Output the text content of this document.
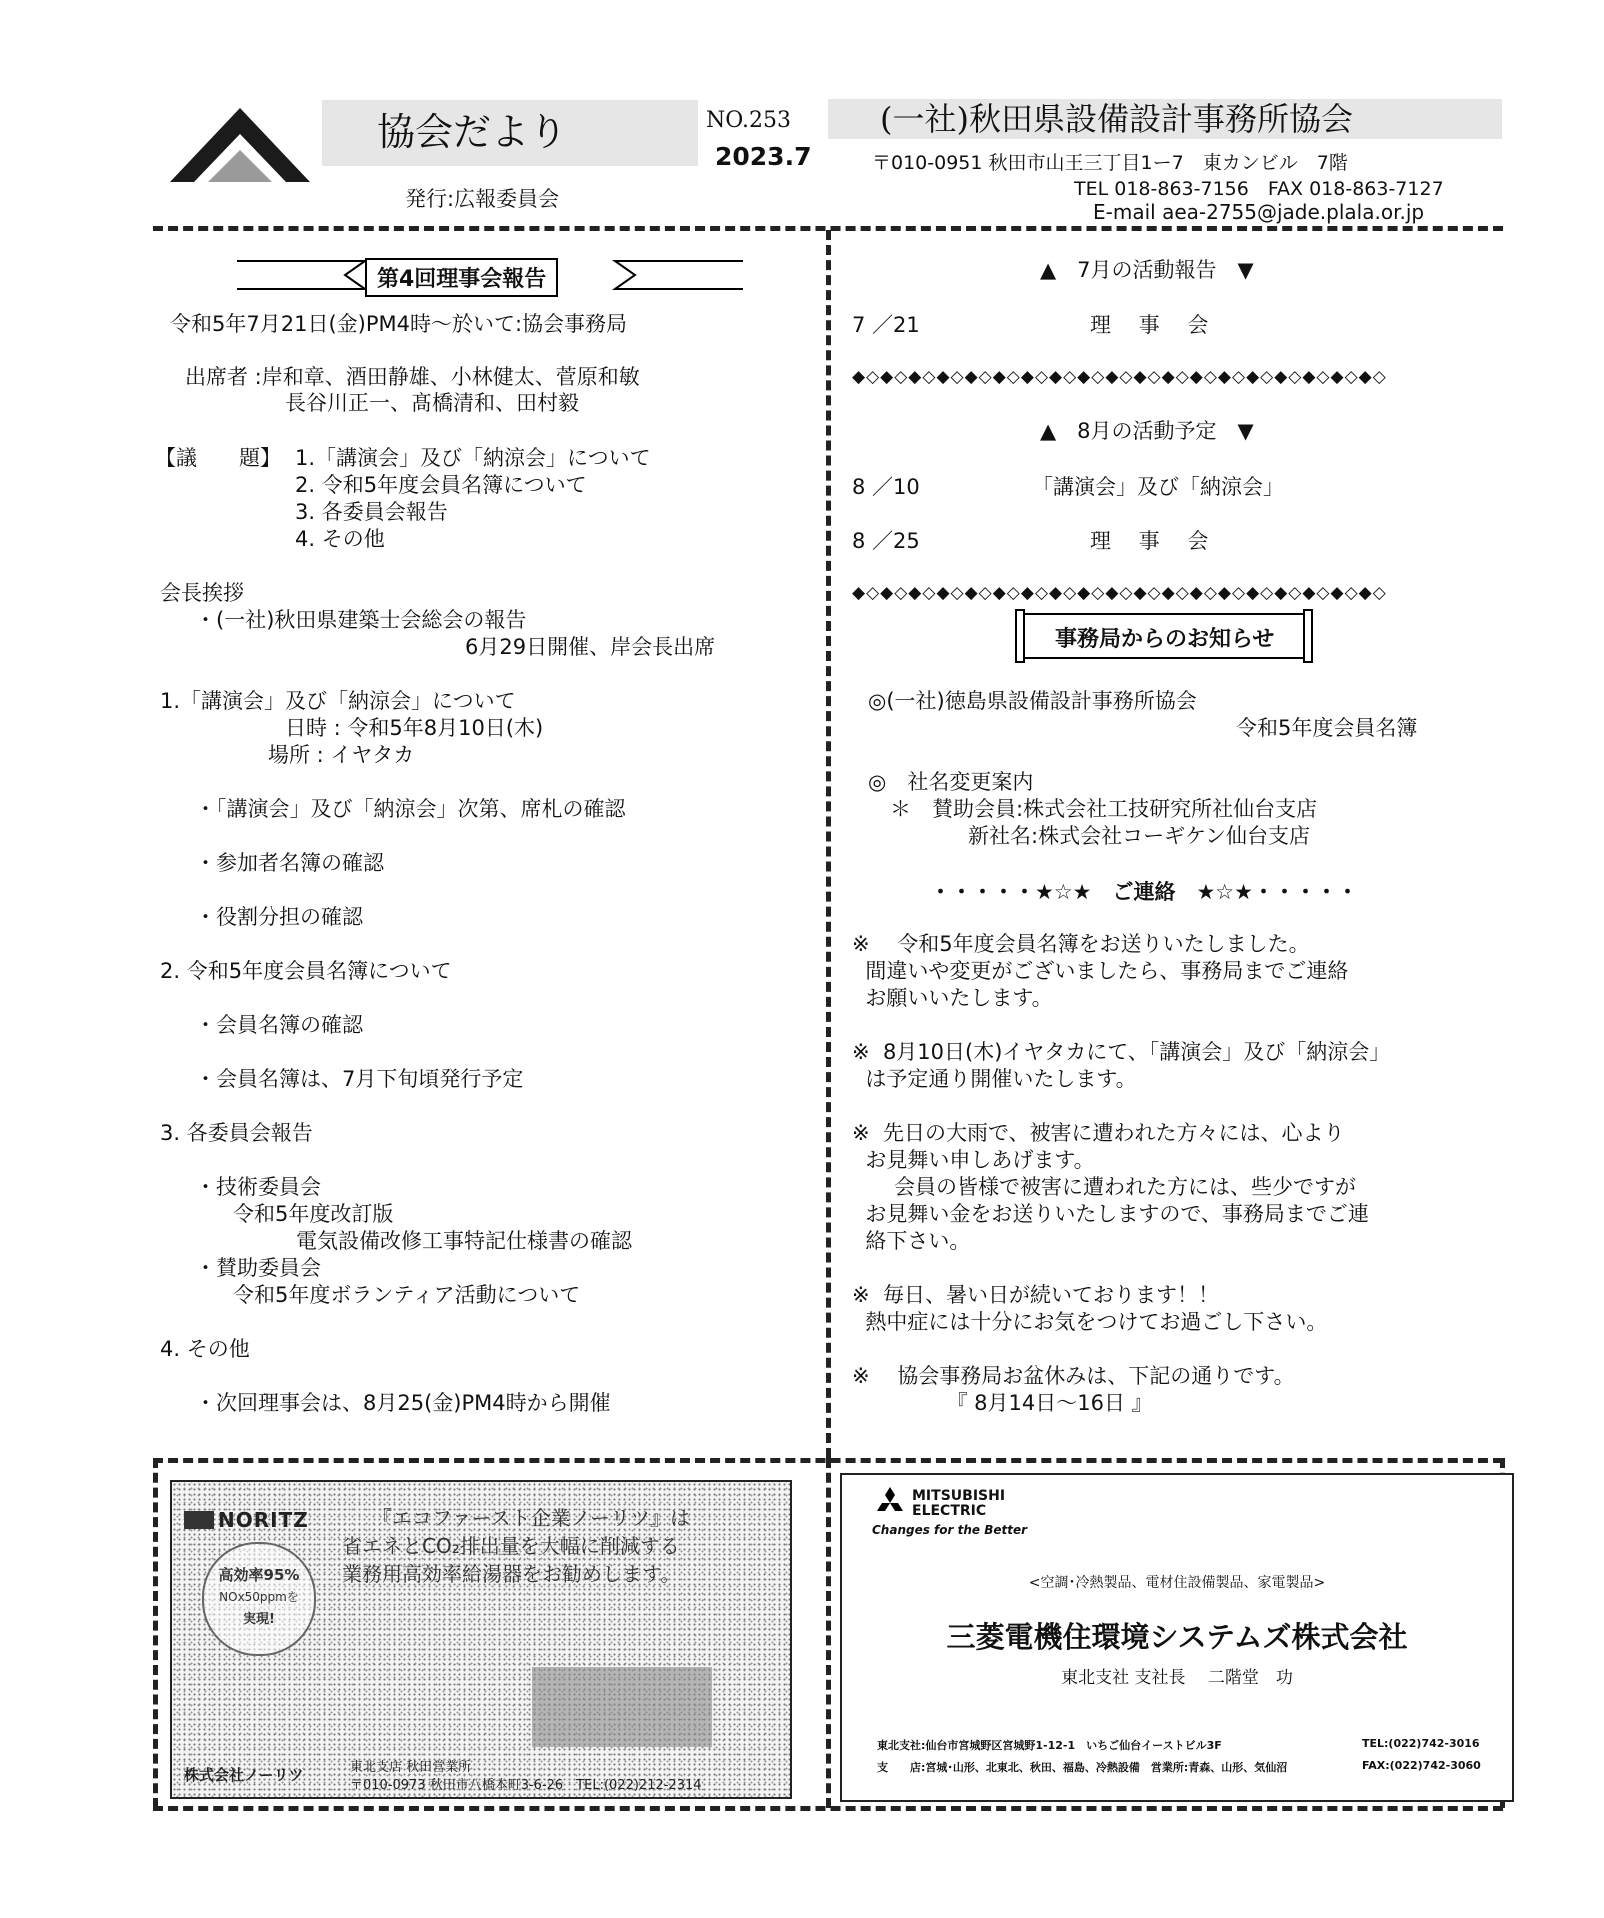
協会だより
発行:広報委員会
NO.253
2023.7
(一社)秋田県設備設計事務所協会
〒010-0951 秋田市山王三丁目1ー7　東カンビル　7階
TEL 018-863-7156　FAX 018-863-7127
E-mail aea-2755@jade.plala.or.jp
第4回理事会報告
令和5年7月21日(金)PM4時～於いて:協会事務局
出席者 :岸和章、酒田静雄、小林健太、菅原和敏
長谷川正一、髙橋清和、田村毅
【議　　題】 1.「講演会」及び「納涼会」について
2. 令和5年度会員名簿について
3. 各委員会報告
4. その他
会長挨拶
・(一社)秋田県建築士会総会の報告
6月29日開催、岸会長出席
1.「講演会」及び「納涼会」について
日時 : 令和5年8月10日(木)
場所 : イヤタカ
・「講演会」及び「納涼会」次第、席札の確認
・参加者名簿の確認
・役割分担の確認
2. 令和5年度会員名簿について
・会員名簿の確認
・会員名簿は、7月下旬頃発行予定
3. 各委員会報告
・技術委員会
令和5年度改訂版
電気設備改修工事特記仕様書の確認
・賛助委員会
令和5年度ボランティア活動について
4. その他
・次回理事会は、8月25(金)PM4時から開催
▲　7月の活動報告　▼
7 ／21	理　 事　 会
◆◇◆◇◆◇◆◇◆◇◆◇◆◇◆◇◆◇◆◇◆◇◆◇◆◇◆◇◆◇◆◇◆◇◆◇◆◇
▲　8月の活動予定　▼
8 ／10	「講演会」及び「納涼会」
8 ／25	理　 事　 会
◆◇◆◇◆◇◆◇◆◇◆◇◆◇◆◇◆◇◆◇◆◇◆◇◆◇◆◇◆◇◆◇◆◇◆◇◆◇
事務局からのお知らせ
◎(一社)徳島県設備設計事務所協会
令和5年度会員名簿
◎　社名変更案内
＊　賛助会員:株式会社工技研究所社仙台支店
新社名:株式会社コーギケン仙台支店
・・・・・★☆★　ご連絡　★☆★・・・・・
※　 令和5年度会員名簿をお送りいたしました。
間違いや変更がございましたら、事務局までご連絡
お願いいたします。
※  8月10日(木)イヤタカにて、「講演会」及び「納涼会」
は予定通り開催いたします。
※  先日の大雨で、被害に遭われた方々には、心より
お見舞い申しあげます。
　　会員の皆様で被害に遭われた方には、些少ですが
お見舞い金をお送りいたしますので、事務局までご連
絡下さい。
※  毎日、暑い日が続いております！！
熱中症には十分にお気をつけてお過ごし下さい。
※　 協会事務局お盆休みは、下記の通りです。
　　　　　『 8月14日～16日 』
NORITZ	『エコファースト企業ノーリツ』は
省エネとCO₂排出量を大幅に削減する
業務用高効率給湯器をお勧めします。
高効率95%
NOx50ppmを
実現!
株式会社ノーリツ	東北支店 秋田営業所
〒010-0973 秋田市八橋本町3-6-26　TEL:(022)212-2314
MITSUBISHI
ELECTRIC
Changes for the Better
<空調･冷熱製品、電材住設備製品、家電製品>
三菱電機住環境システムズ株式会社
東北支社 支社長　 二階堂　功
東北支社:仙台市宮城野区宮城野1-12-1　いちご仙台イーストビル3F	TEL:(022)742-3016
支　　店:宮城･山形、北東北、秋田、福島、冷熱設備　営業所:青森、山形、気仙沼	FAX:(022)742-3060
